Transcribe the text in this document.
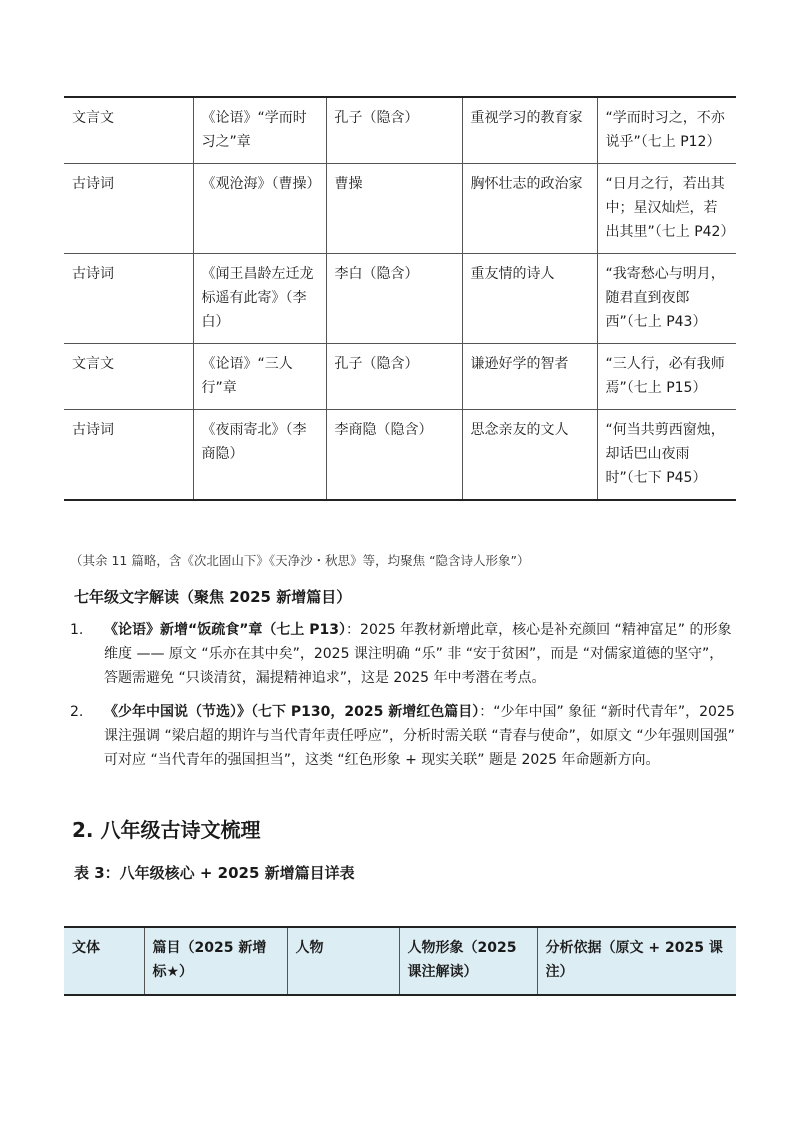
文言文	《论语》“学而时习之”章	孔子（隐含）	重视学习的教育家	“学而时习之，不亦说乎”（七上 P12）
古诗词	《观沧海》（曹操）	曹操	胸怀壮志的政治家	“日月之行，若出其中；星汉灿烂，若出其里”（七上 P42）
古诗词	《闻王昌龄左迁龙标遥有此寄》（李白）	李白（隐含）	重友情的诗人	“我寄愁心与明月，随君直到夜郎西”（七上 P43）
文言文	《论语》“三人行”章	孔子（隐含）	谦逊好学的智者	“三人行，必有我师焉”（七上 P15）
古诗词	《夜雨寄北》（李商隐）	李商隐（隐含）	思念亲友的文人	“何当共剪西窗烛，却话巴山夜雨时”（七下 P45）
（其余 11 篇略，含《次北固山下》《天净沙・秋思》等，均聚焦 “隐含诗人形象”）
七年级文字解读（聚焦 2025 新增篇目）
1. 《论语》新增“饭疏食”章（七上 P13）：2025 年教材新增此章，核心是补充颜回 “精神富足” 的形象维度 —— 原文 “乐亦在其中矣”，2025 课注明确 “乐” 非 “安于贫困”，而是 “对儒家道德的坚守”，答题需避免 “只谈清贫，漏提精神追求”，这是 2025 年中考潜在考点。
2. 《少年中国说（节选）》（七下 P130，2025 新增红色篇目）：“少年中国” 象征 “新时代青年”，2025 课注强调 “梁启超的期许与当代青年责任呼应”，分析时需关联 “青春与使命”，如原文 “少年强则国强” 可对应 “当代青年的强国担当”，这类 “红色形象 + 现实关联” 题是 2025 年命题新方向。
2. 八年级古诗文梳理
表 3：八年级核心 + 2025 新增篇目详表
文体	篇目（2025 新增标★）	人物	人物形象（2025 课注解读）	分析依据（原文 + 2025 课注）
